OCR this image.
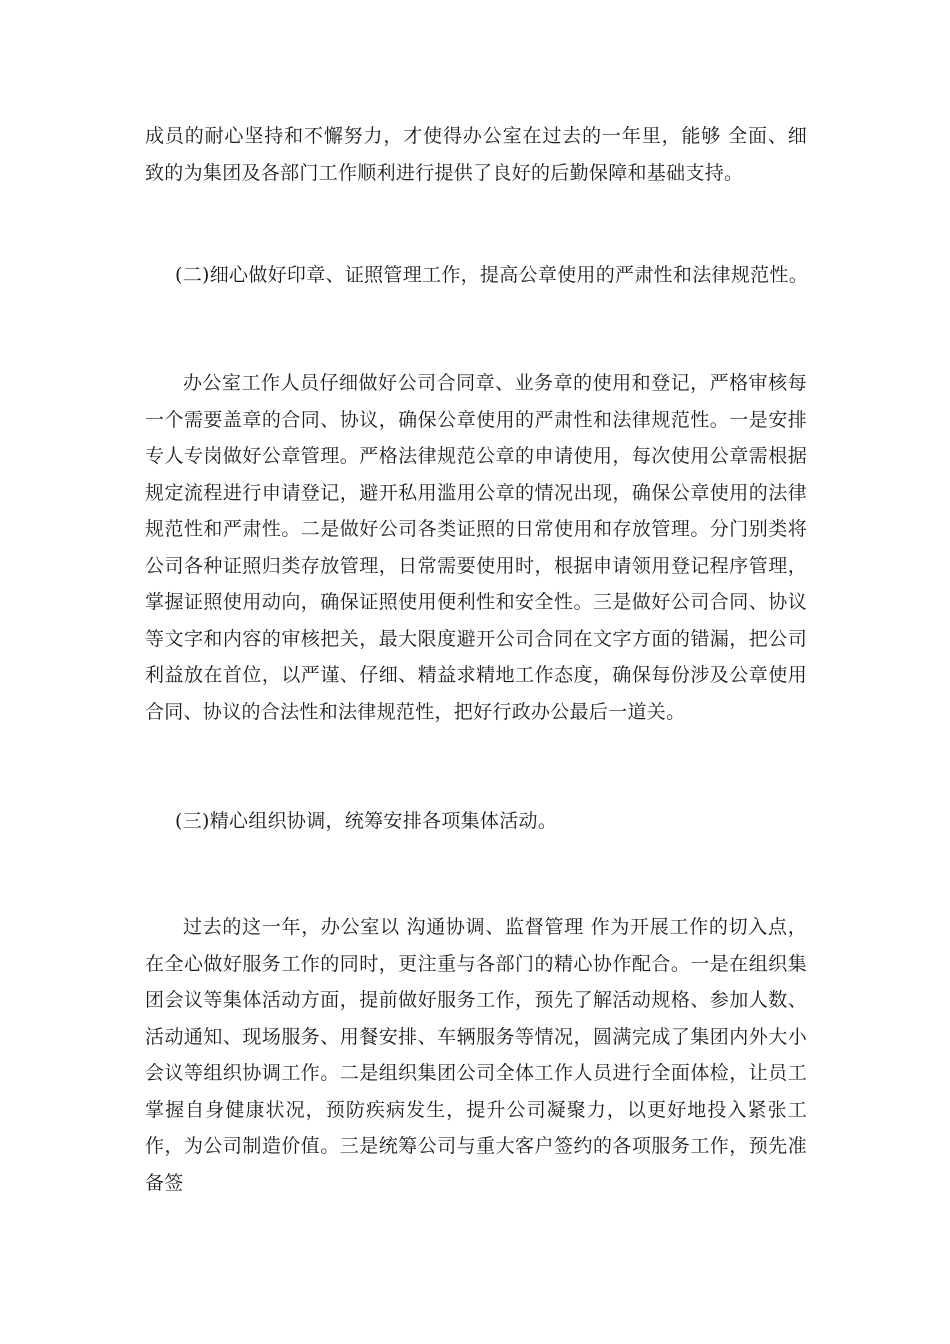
成员的耐心坚持和不懈努力，才使得办公室在过去的一年里，能够 全面、细致的为集团及各部门工作顺利进行提供了良好的后勤保障和基础支持。

(二)细心做好印章、证照管理工作，提高公章使用的严肃性和法律规范性。

办公室工作人员仔细做好公司合同章、业务章的使用和登记，严格审核每一个需要盖章的合同、协议，确保公章使用的严肃性和法律规范性。一是安排专人专岗做好公章管理。严格法律规范公章的申请使用，每次使用公章需根据规定流程进行申请登记，避开私用滥用公章的情况出现，确保公章使用的法律规范性和严肃性。二是做好公司各类证照的日常使用和存放管理。分门别类将公司各种证照归类存放管理，日常需要使用时，根据申请领用登记程序管理，掌握证照使用动向，确保证照使用便利性和安全性。三是做好公司合同、协议等文字和内容的审核把关，最大限度避开公司合同在文字方面的错漏，把公司利益放在首位，以严谨、仔细、精益求精地工作态度，确保每份涉及公章使用合同、协议的合法性和法律规范性，把好行政办公最后一道关。

(三)精心组织协调，统筹安排各项集体活动。

过去的这一年，办公室以 沟通协调、监督管理 作为开展工作的切入点，在全心做好服务工作的同时，更注重与各部门的精心协作配合。一是在组织集团会议等集体活动方面，提前做好服务工作，预先了解活动规格、参加人数、活动通知、现场服务、用餐安排、车辆服务等情况，圆满完成了集团内外大小会议等组织协调工作。二是组织集团公司全体工作人员进行全面体检，让员工掌握自身健康状况，预防疾病发生，提升公司凝聚力，以更好地投入紧张工作，为公司制造价值。三是统筹公司与重大客户签约的各项服务工作，预先准备签
